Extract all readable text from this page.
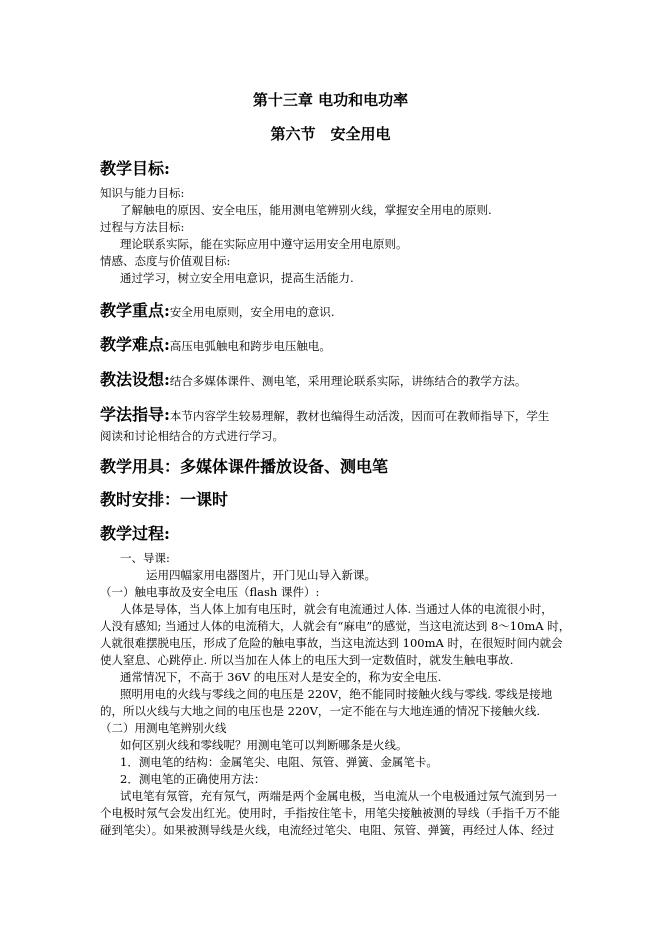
第十三章 电功和电功率
第六节　安全用电
教学目标:
知识与能力目标:
了解触电的原因、安全电压，能用测电笔辨别火线，掌握安全用电的原则.
过程与方法目标:
理论联系实际，能在实际应用中遵守运用安全用电原则。
情感、态度与价值观目标:
通过学习，树立安全用电意识，提高生活能力.
教学重点:安全用电原则，安全用电的意识.
教学难点:高压电弧触电和跨步电压触电。
教法设想:结合多媒体课件、测电笔，采用理论联系实际，讲练结合的教学方法。
学法指导:本节内容学生较易理解，教材也编得生动活泼，因而可在教师指导下，学生
阅读和讨论相结合的方式进行学习。
教学用具：多媒体课件播放设备、测电笔
教时安排：一课时
教学过程:
一、导课:
运用四幅家用电器图片，开门见山导入新课。
（一）触电事故及安全电压（flash 课件）:
人体是导体，当人体上加有电压时，就会有电流通过人体. 当通过人体的电流很小时，
人没有感知; 当通过人体的电流稍大，人就会有“麻电”的感觉，当这电流达到 8～10mA 时，
人就很难摆脱电压，形成了危险的触电事故，当这电流达到 100mA 时，在很短时间内就会
使人窒息、心跳停止. 所以当加在人体上的电压大到一定数值时，就发生触电事故.
通常情况下，不高于 36V 的电压对人是安全的，称为安全电压.
照明用电的火线与零线之间的电压是 220V，绝不能同时接触火线与零线. 零线是接地
的，所以火线与大地之间的电压也是 220V，一定不能在与大地连通的情况下接触火线.
（二）用测电笔辨别火线
如何区别火线和零线呢？用测电笔可以判断哪条是火线。
1．测电笔的结构：金属笔尖、电阻、氖管、弹簧、金属笔卡。
2．测电笔的正确使用方法：
试电笔有氖管，充有氖气，两端是两个金属电极，当电流从一个电极通过氖气流到另一
个电极时氖气会发出红光。使用时，手指按住笔卡，用笔尖接触被测的导线（手指千万不能
碰到笔尖）。如果被测导线是火线，电流经过笔尖、电阻、氖管、弹簧，再经过人体、经过
